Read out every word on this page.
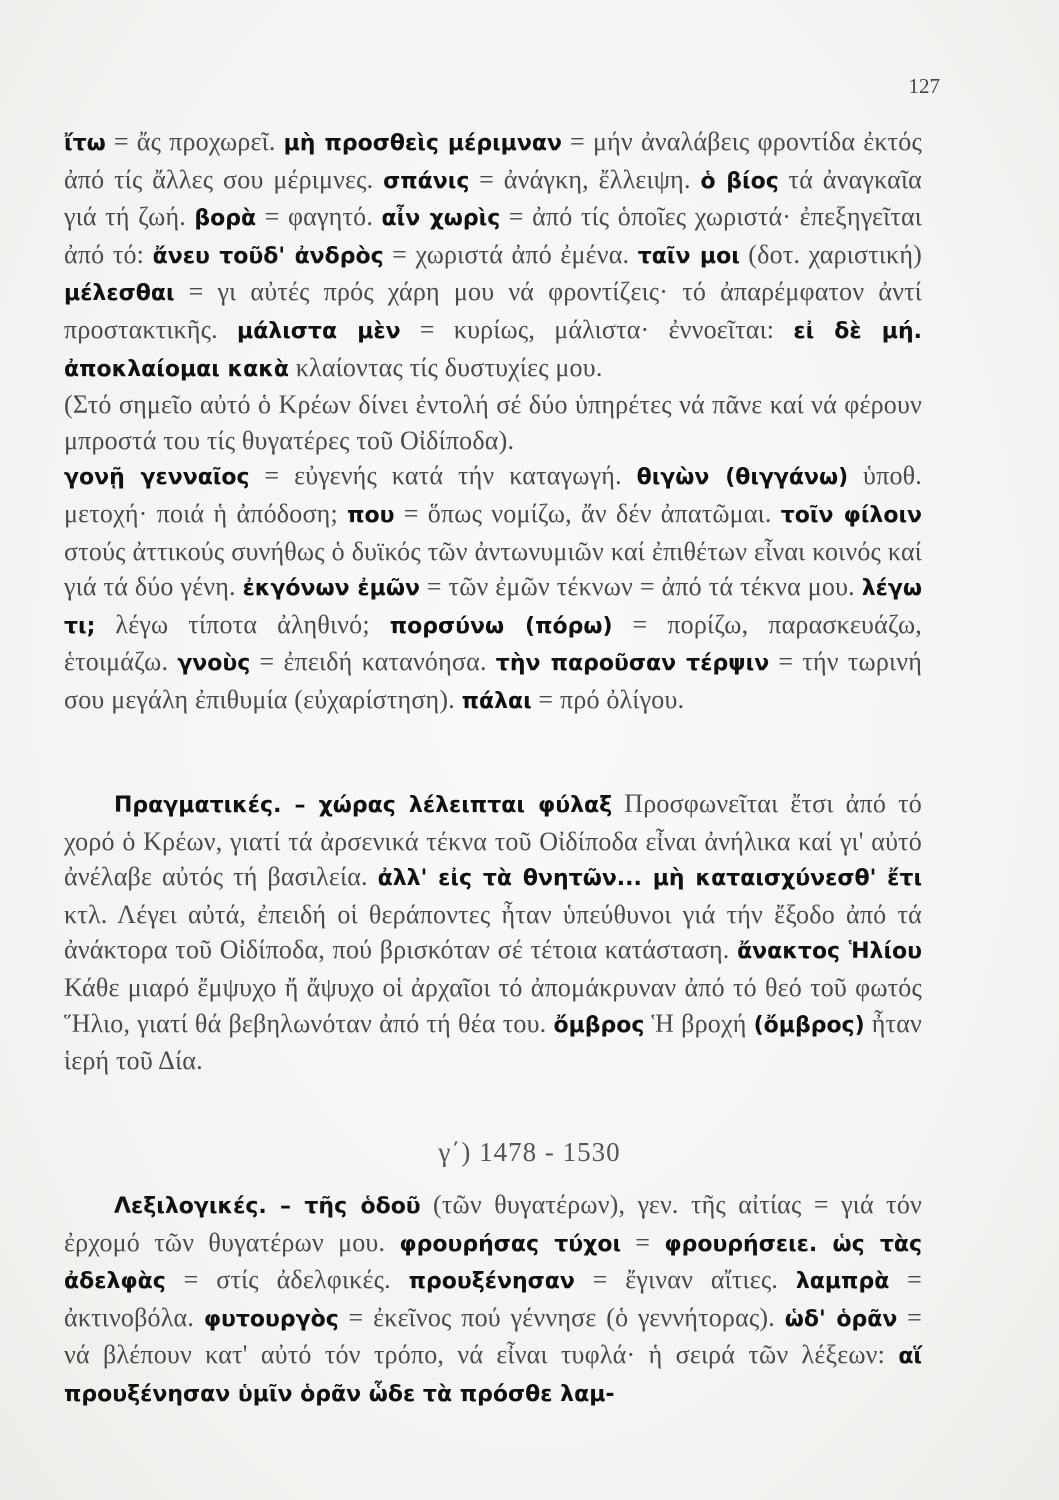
127

ἴτω = ἄς προχωρεῖ. μὴ προσθεὶς μέριμναν = μήν ἀναλάβεις φροντίδα ἐκτός ἀπό τίς ἄλλες σου μέριμνες. σπάνις = ἀνάγκη, ἔλλειψη. ὁ βίος τά ἀναγκαῖα γιά τή ζωή. βορὰ = φαγητό. αἶν χωρὶς = ἀπό τίς ὁποῖες χωριστά· ἐπεξηγεῖται ἀπό τό: ἄνευ τοῦδ' ἀνδρὸς = χωριστά ἀπό ἐμένα. ταῖν μοι (δοτ. χαριστική) μέλεσθαι = γι αὐτές πρός χάρη μου νά φροντίζεις· τό ἀπαρέμφατον ἀντί προστακτικῆς. μάλιστα μὲν = κυρίως, μάλιστα· ἐννοεῖται: εἰ δὲ μή. ἀποκλαίομαι κακὰ κλαίοντας τίς δυστυχίες μου.

(Στό σημεῖο αὐτό ὁ Κρέων δίνει ἐντολή σέ δύο ὑπηρέτες νά πᾶνε καί νά φέρουν μπροστά του τίς θυγατέρες τοῦ Οἰδίποδα).

γονῇ γενναῖος = εὐγενής κατά τήν καταγωγή. θιγὼν (θιγγάνω) ὑποθ. μετοχή· ποιά ἡ ἀπόδοση; που = ὅπως νομίζω, ἄν δέν ἀπατῶμαι. τοῖν φίλοιν στούς ἀττικούς συνήθως ὁ δυϊκός τῶν ἀντωνυμιῶν καί ἐπιθέτων εἶναι κοινός καί γιά τά δύο γένη. ἐκγόνων ἐμῶν = τῶν ἐμῶν τέκνων = ἀπό τά τέκνα μου. λέγω τι; λέγω τίποτα ἀληθινό; πορσύνω (πόρω) = πορίζω, παρασκευάζω, ἑτοιμάζω. γνοὺς = ἐπειδή κατανόησα. τὴν παροῦσαν τέρψιν = τήν τωρινή σου μεγάλη ἐπιθυμία (εὐχαρίστηση). πάλαι = πρό ὀλίγου.

Πραγματικές. – χώρας λέλειπται φύλαξ Προσφωνεῖται ἔτσι ἀπό τό χορό ὁ Κρέων, γιατί τά ἀρσενικά τέκνα τοῦ Οἰδίποδα εἶναι ἀνήλικα καί γι' αὐτό ἀνέλαβε αὐτός τή βασιλεία. ἀλλ' εἰς τὰ θνητῶν... μὴ καταισχύνεσθ' ἔτι κτλ. Λέγει αὐτά, ἐπειδή οἱ θεράποντες ἦταν ὑπεύθυνοι γιά τήν ἔξοδο ἀπό τά ἀνάκτορα τοῦ Οἰδίποδα, πού βρισκόταν σέ τέτοια κατάσταση. ἄνακτος Ἡλίου Κάθε μιαρό ἔμψυχο ἤ ἄψυχο οἱ ἀρχαῖοι τό ἀπομάκρυναν ἀπό τό θεό τοῦ φωτός Ἥλιο, γιατί θά βεβηλωνόταν ἀπό τή θέα του. ὄμβρος Ἡ βροχή (ὄμβρος) ἦταν ἱερή τοῦ Δία.

γ΄) 1478 - 1530

Λεξιλογικές. – τῆς ὁδοῦ (τῶν θυγατέρων), γεν. τῆς αἰτίας = γιά τόν ἐρχομό τῶν θυγατέρων μου. φρουρήσας τύχοι = φρουρήσειε. ὡς τὰς ἀδελφὰς = στίς ἀδελφικές. προυξένησαν = ἔγιναν αἴτιες. λαμπρὰ = ἀκτινοβόλα. φυτουργὸς = ἐκεῖνος πού γέννησε (ὁ γεννήτορας). ὡδ' ὁρᾶν = νά βλέπουν κατ' αὐτό τόν τρόπο, νά εἶναι τυφλά· ἡ σειρά τῶν λέξεων: αἵ προυξένησαν ὑμῖν ὁρᾶν ὧδε τὰ πρόσθε λαμ-
